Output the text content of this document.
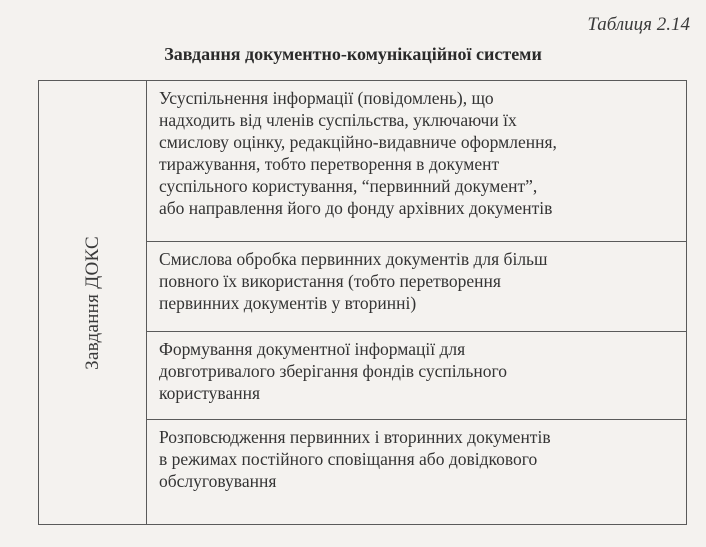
Таблиця 2.14
Завдання документно-комунікаційної системи
Завдання ДОКС
Усуспільнення інформації (повідомлень), що
надходить від членів суспільства, уключаючи їх
смислову оцінку, редакційно-видавниче оформлення,
тиражування, тобто перетворення в документ
суспільного користування, “первинний документ”,
або направлення його до фонду архівних документів
Смислова обробка первинних документів для більш
повного їх використання (тобто перетворення
первинних документів у вторинні)
Формування документної інформації для
довготривалого зберігання фондів суспільного
користування
Розповсюдження первинних і вторинних документів
в режимах постійного сповіщання або довідкового
обслуговування
